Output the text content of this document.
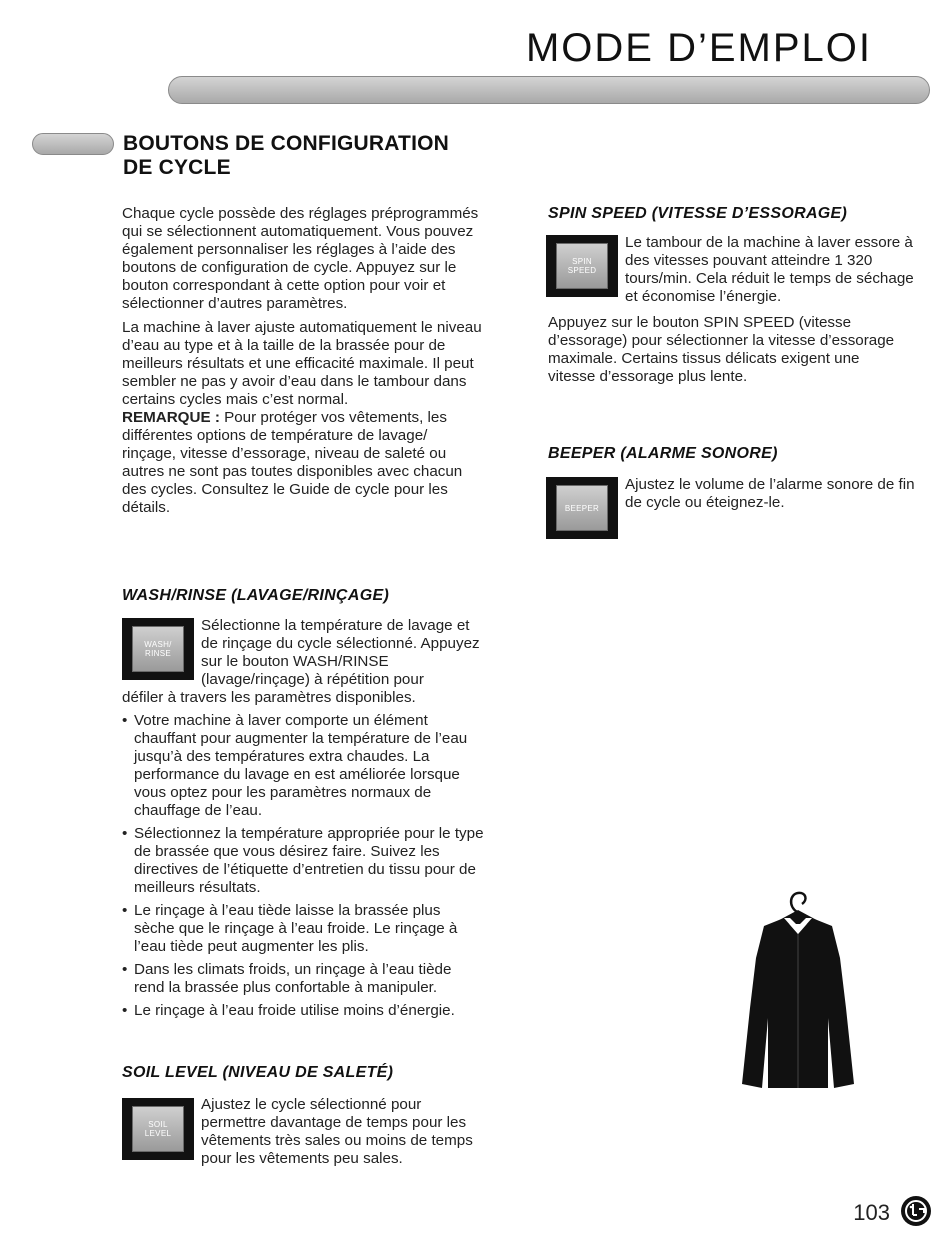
MODE D’EMPLOI
BOUTONS DE CONFIGURATION
DE CYCLE

Chaque cycle possède des réglages préprogrammés qui se sélectionnent automatiquement. Vous pouvez également personnaliser les réglages à l’aide des boutons de configuration de cycle. Appuyez sur le bouton correspondant à cette option pour voir et sélectionner d’autres paramètres.

La machine à laver ajuste automatiquement le niveau d’eau au type et à la taille de la brassée pour de meilleurs résultats et une efficacité maximale. Il peut sembler ne pas y avoir d’eau dans le tambour dans certains cycles mais c’est normal.

REMARQUE : Pour protéger vos vêtements, les différentes options de température de lavage/ rinçage, vitesse d’essorage, niveau de saleté ou autres ne sont pas toutes disponibles avec chacun des cycles. Consultez le Guide de cycle pour les détails.

WASH/RINSE (LAVAGE/RINÇAGE)
WASH/
RINSE
Sélectionne la température de lavage et de rinçage du cycle sélectionné. Appuyez sur le bouton WASH/RINSE (lavage/rinçage) à répétition pour
défiler à travers les paramètres disponibles.
• Votre machine à laver comporte un élément chauffant pour augmenter la température de l’eau jusqu’à des températures extra chaudes. La performance du lavage en est améliorée lorsque vous optez pour les paramètres normaux de chauffage de l’eau.
• Sélectionnez la température appropriée pour le type de brassée que vous désirez faire. Suivez les directives de l’étiquette d’entretien du tissu pour de meilleurs résultats.
• Le rinçage à l’eau tiède laisse la brassée plus sèche que le rinçage à l’eau froide. Le rinçage à l’eau tiède peut augmenter les plis.
• Dans les climats froids, un rinçage à l’eau tiède rend la brassée plus confortable à manipuler.
• Le rinçage à l’eau froide utilise moins d’énergie.
SOIL LEVEL (NIVEAU DE SALETÉ)
SOIL
LEVEL
Ajustez le cycle sélectionné pour permettre davantage de temps pour les vêtements très sales ou moins de temps pour les vêtements peu sales.
SPIN SPEED (VITESSE D’ESSORAGE)
SPIN
SPEED
Le tambour de la machine à laver essore à des vitesses pouvant atteindre 1 320 tours/min. Cela réduit le temps de séchage et économise l’énergie.
Appuyez sur le bouton SPIN SPEED (vitesse d’essorage) pour sélectionner la vitesse d’essorage maximale. Certains tissus délicats exigent une vitesse d’essorage plus lente.
BEEPER (ALARME SONORE)
BEEPER
Ajustez le volume de l’alarme sonore de fin de cycle ou éteignez-le.
103
